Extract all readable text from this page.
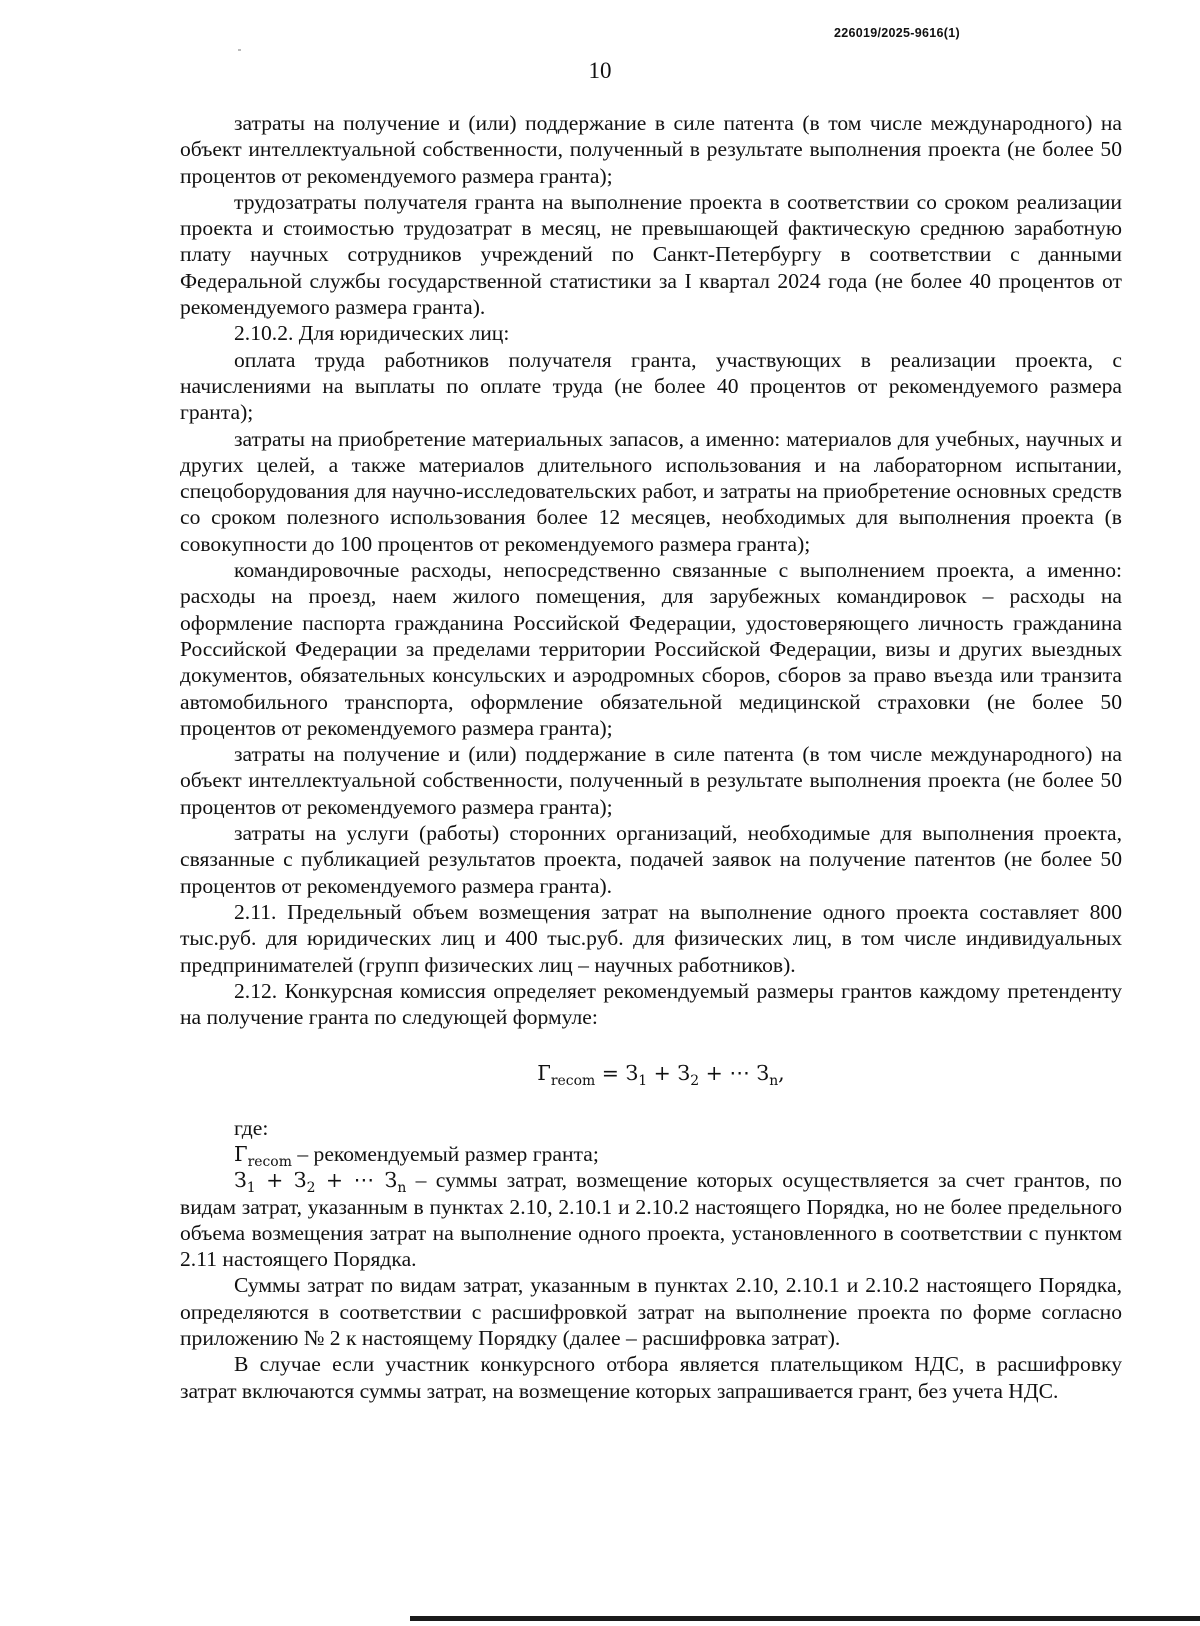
226019/2025-9616(1)
10

затраты на получение и (или) поддержание в силе патента (в том числе международного) на объект интеллектуальной собственности, полученный в результате выполнения проекта (не более 50 процентов от рекомендуемого размера гранта);

трудозатраты получателя гранта на выполнение проекта в соответствии со сроком реализации проекта и стоимостью трудозатрат в месяц, не превышающей фактическую среднюю заработную плату научных сотрудников учреждений по Санкт-Петербургу в соответствии с данными Федеральной службы государственной статистики за I квартал 2024 года (не более 40 процентов от рекомендуемого размера гранта).

2.10.2. Для юридических лиц:

оплата труда работников получателя гранта, участвующих в реализации проекта, с начислениями на выплаты по оплате труда (не более 40 процентов от рекомендуемого размера гранта);

затраты на приобретение материальных запасов, а именно: материалов для учебных, научных и других целей, а также материалов длительного использования и на лабораторном испытании, спецоборудования для научно-исследовательских работ, и затраты на приобретение основных средств со сроком полезного использования более 12 месяцев, необходимых для выполнения проекта (в совокупности до 100 процентов от рекомендуемого размера гранта);

командировочные расходы, непосредственно связанные с выполнением проекта, а именно: расходы на проезд, наем жилого помещения, для зарубежных командировок – расходы на оформление паспорта гражданина Российской Федерации, удостоверяющего личность гражданина Российской Федерации за пределами территории Российской Федерации, визы и других выездных документов, обязательных консульских и аэродромных сборов, сборов за право въезда или транзита автомобильного транспорта, оформление обязательной медицинской страховки (не более 50 процентов от рекомендуемого размера гранта);

затраты на получение и (или) поддержание в силе патента (в том числе международного) на объект интеллектуальной собственности, полученный в результате выполнения проекта (не более 50 процентов от рекомендуемого размера гранта);

затраты на услуги (работы) сторонних организаций, необходимые для выполнения проекта, связанные с публикацией результатов проекта, подачей заявок на получение патентов (не более 50 процентов от рекомендуемого размера гранта).

2.11. Предельный объем возмещения затрат на выполнение одного проекта составляет 800 тыс.руб. для юридических лиц и 400 тыс.руб. для физических лиц, в том числе индивидуальных предпринимателей (групп физических лиц – научных работников).

2.12. Конкурсная комиссия определяет рекомендуемый размеры грантов каждому претенденту на получение гранта по следующей формуле:

$Г_{recom} = З_1 + З_2$ + ⋯ $З_n$,

где:

$Г_{recom}$ – рекомендуемый размер гранта;

$З_1 + З_2$ + ⋯ $З_n$ – суммы затрат, возмещение которых осуществляется за счет грантов, по видам затрат, указанным в пунктах 2.10, 2.10.1 и 2.10.2 настоящего Порядка, но не более предельного объема возмещения затрат на выполнение одного проекта, установленного в соответствии с пунктом 2.11 настоящего Порядка.

Суммы затрат по видам затрат, указанным в пунктах 2.10, 2.10.1 и 2.10.2 настоящего Порядка, определяются в соответствии с расшифровкой затрат на выполнение проекта по форме согласно приложению № 2 к настоящему Порядку (далее – расшифровка затрат).

В случае если участник конкурсного отбора является плательщиком НДС, в расшифровку затрат включаются суммы затрат, на возмещение которых запрашивается грант, без учета НДС.
